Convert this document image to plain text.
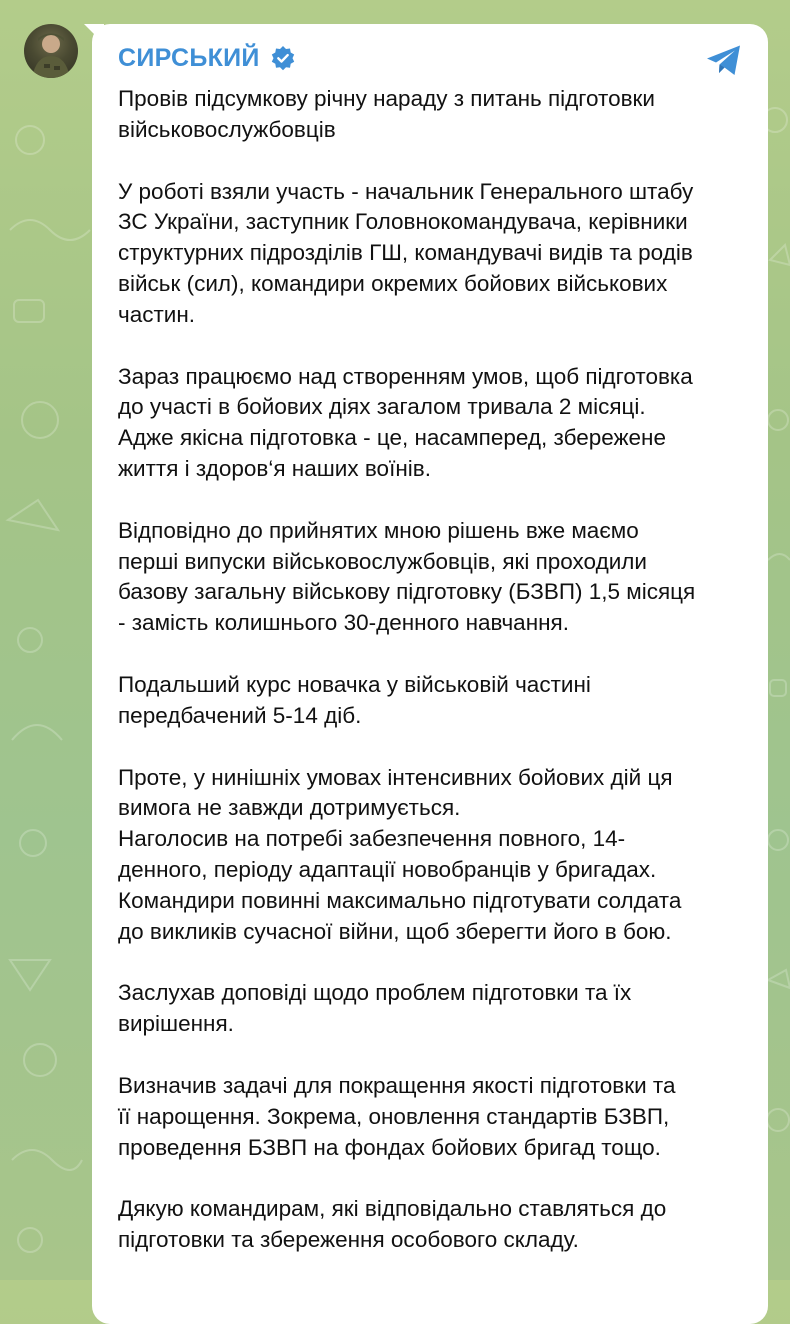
СИРСЬКИЙ

Провів підсумкову річну нараду з питань підготовки
військовослужбовців

У роботі взяли участь - начальник Генерального штабу
ЗС України, заступник Головнокомандувача, керівники
структурних підрозділів ГШ, командувачі видів та родів
військ (сил), командири окремих бойових військових
частин.

Зараз працюємо над створенням умов, щоб підготовка
до участі в бойових діях загалом тривала 2 місяці.
Адже якісна підготовка - це, насамперед, збережене
життя і здоров‘я наших воїнів.

Відповідно до прийнятих мною рішень вже маємо
перші випуски військовослужбовців, які проходили
базову загальну військову підготовку (БЗВП) 1,5 місяця
- замість колишнього 30-денного навчання.

Подальший курс новачка у військовій частині
передбачений 5-14 діб.

Проте, у нинішніх умовах інтенсивних бойових дій ця
вимога не завжди дотримується.
Наголосив на потребі забезпечення повного, 14-
денного, періоду адаптації новобранців у бригадах.
Командири повинні максимально підготувати солдата
до викликів сучасної війни, щоб зберегти його в бою.

Заслухав доповіді щодо проблем підготовки та їх
вирішення.

Визначив задачі для покращення якості підготовки та
її нарощення. Зокрема, оновлення стандартів БЗВП,
проведення БЗВП на фондах бойових бригад тощо.

Дякую командирам, які відповідально ставляться до
підготовки та збереження особового складу.
